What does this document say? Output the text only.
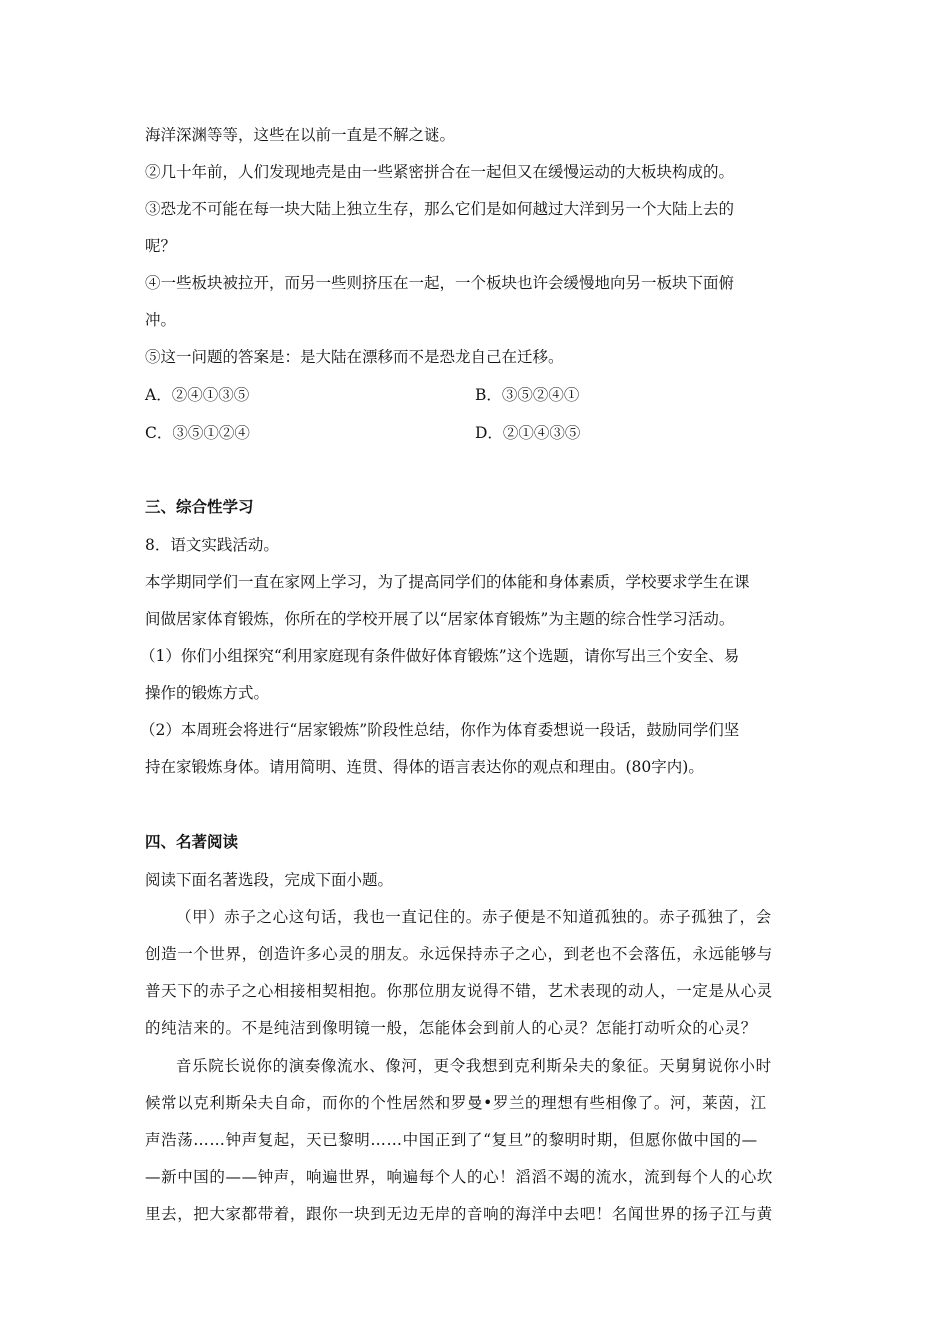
海洋深渊等等，这些在以前一直是不解之谜。
②几十年前，人们发现地壳是由一些紧密拼合在一起但又在缓慢运动的大板块构成的。
③恐龙不可能在每一块大陆上独立生存，那么它们是如何越过大洋到另一个大陆上去的
呢？
④一些板块被拉开，而另一些则挤压在一起，一个板块也许会缓慢地向另一板块下面俯
冲。
⑤这一问题的答案是：是大陆在漂移而不是恐龙自己在迁移。
A．②④①③⑤	B．③⑤②④①
C．③⑤①②④	D．②①④③⑤
三、综合性学习
8．语文实践活动。
本学期同学们一直在家网上学习，为了提高同学们的体能和身体素质，学校要求学生在课
间做居家体育锻炼，你所在的学校开展了以“居家体育锻炼”为主题的综合性学习活动。
（1）你们小组探究“利用家庭现有条件做好体育锻炼”这个选题，请你写出三个安全、易
操作的锻炼方式。
（2）本周班会将进行“居家锻炼”阶段性总结，你作为体育委想说一段话，鼓励同学们坚
持在家锻炼身体。请用简明、连贯、得体的语言表达你的观点和理由。(80字内)。
四、名著阅读
阅读下面名著选段，完成下面小题。
（甲）赤子之心这句话，我也一直记住的。赤子便是不知道孤独的。赤子孤独了，会
创造一个世界，创造许多心灵的朋友。永远保持赤子之心，到老也不会落伍，永远能够与
普天下的赤子之心相接相契相抱。你那位朋友说得不错，艺术表现的动人，一定是从心灵
的纯洁来的。不是纯洁到像明镜一般，怎能体会到前人的心灵？怎能打动听众的心灵？
音乐院长说你的演奏像流水、像河，更令我想到克利斯朵夫的象征。天舅舅说你小时
候常以克利斯朵夫自命，而你的个性居然和罗曼•罗兰的理想有些相像了。河，莱茵，江
声浩荡……钟声复起，天已黎明……中国正到了“复旦”的黎明时期，但愿你做中国的—
—新中国的——钟声，响遍世界，响遍每个人的心！滔滔不竭的流水，流到每个人的心坎
里去，把大家都带着，跟你一块到无边无岸的音响的海洋中去吧！名闻世界的扬子江与黄
